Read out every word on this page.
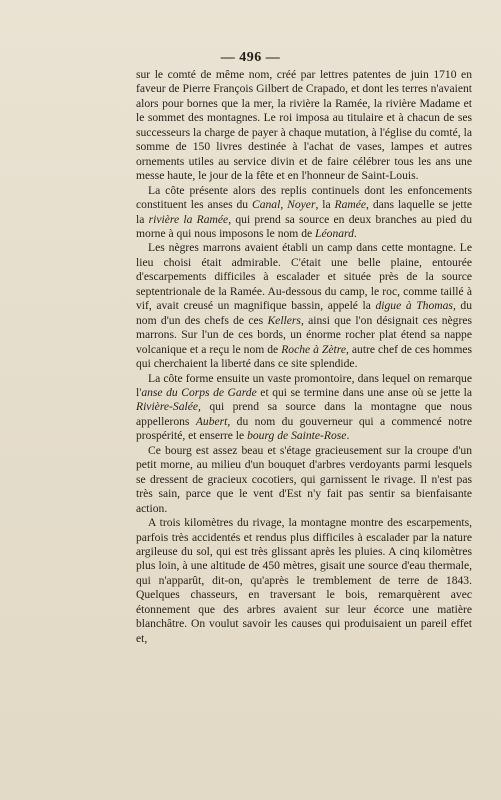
— 496 —

sur le comté de même nom, créé par lettres patentes de juin 1710 en faveur de Pierre François Gilbert de Crapado, et dont les terres n'avaient alors pour bornes que la mer, la rivière la Ramée, la rivière Madame et le sommet des montagnes. Le roi imposa au titulaire et à chacun de ses successeurs la charge de payer à chaque mutation, à l'église du comté, la somme de 150 livres destinée à l'achat de vases, lampes et autres ornements utiles au service divin et de faire célébrer tous les ans une messe haute, le jour de la fête et en l'honneur de Saint-Louis.

La côte présente alors des replis continuels dont les enfoncements constituent les anses du Canal, Noyer, la Ramée, dans laquelle se jette la rivière la Ramée, qui prend sa source en deux branches au pied du morne à qui nous imposons le nom de Léonard.

Les nègres marrons avaient établi un camp dans cette montagne. Le lieu choisi était admirable. C'était une belle plaine, entourée d'escarpements difficiles à escalader et située près de la source septentrionale de la Ramée. Au-dessous du camp, le roc, comme taillé à vif, avait creusé un magnifique bassin, appelé la digue à Thomas, du nom d'un des chefs de ces Kellers, ainsi que l'on désignait ces nègres marrons. Sur l'un de ces bords, un énorme rocher plat étend sa nappe volcanique et a reçu le nom de Roche à Zètre, autre chef de ces hommes qui cherchaient la liberté dans ce site splendide.

La côte forme ensuite un vaste promontoire, dans lequel on remarque l'anse du Corps de Garde et qui se termine dans une anse où se jette la Rivière-Salée, qui prend sa source dans la montagne que nous appellerons Aubert, du nom du gouverneur qui a commencé notre prospérité, et enserre le bourg de Sainte-Rose.

Ce bourg est assez beau et s'étage gracieusement sur la croupe d'un petit morne, au milieu d'un bouquet d'arbres verdoyants parmi lesquels se dressent de gracieux cocotiers, qui garnissent le rivage. Il n'est pas très sain, parce que le vent d'Est n'y fait pas sentir sa bienfaisante action.

A trois kilomètres du rivage, la montagne montre des escarpements, parfois très accidentés et rendus plus difficiles à escalader par la nature argileuse du sol, qui est très glissant après les pluies. A cinq kilomètres plus loin, à une altitude de 450 mètres, gisait une source d'eau thermale, qui n'apparût, dit-on, qu'après le tremblement de terre de 1843. Quelques chasseurs, en traversant le bois, remarquèrent avec étonnement que des arbres avaient sur leur écorce une matière blanchâtre. On voulut savoir les causes qui produisaient un pareil effet et,
